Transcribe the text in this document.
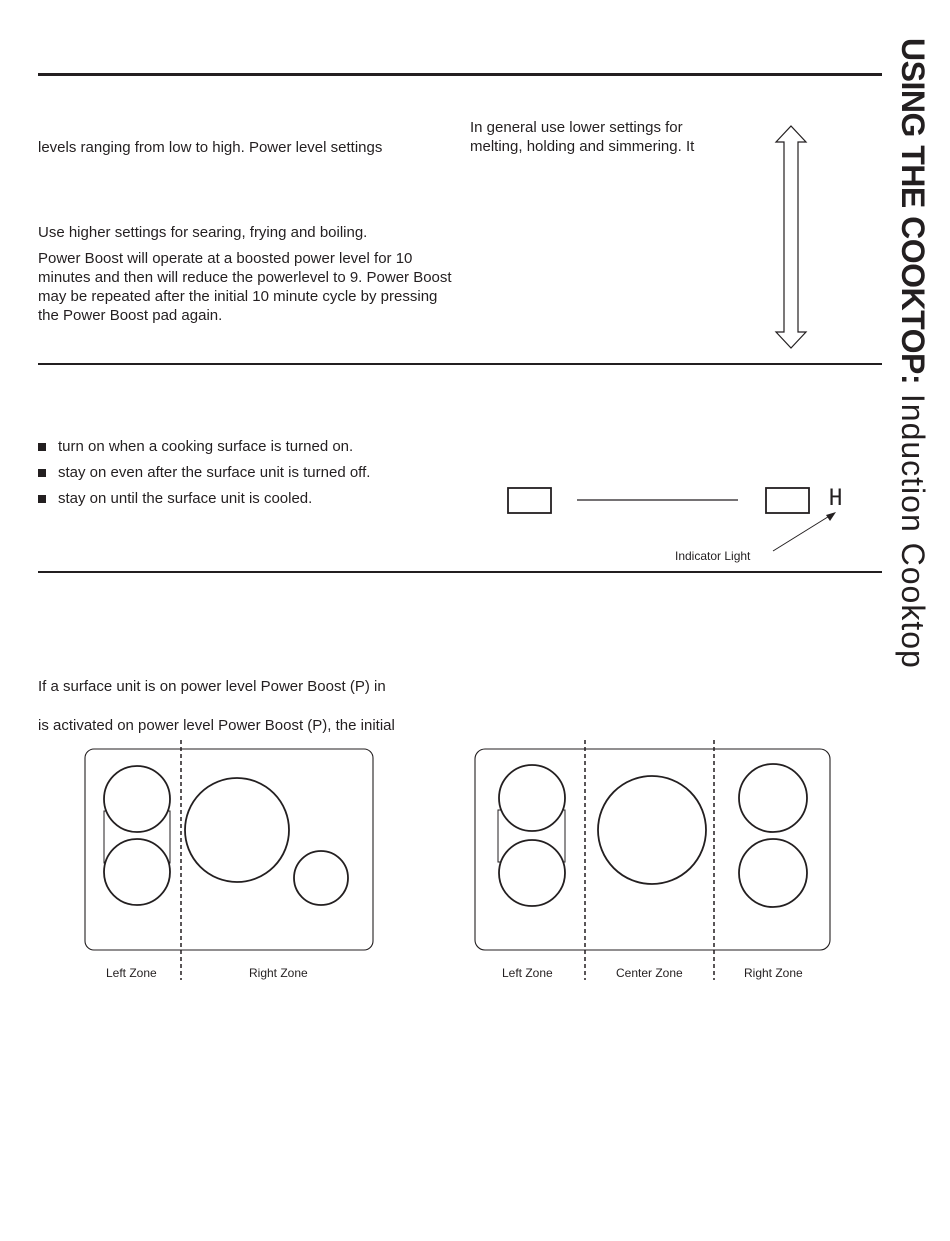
USING THE COOKTOP: Induction Cooktop

levels ranging from low to high. Power level settings

In general use lower settings for melting, holding and simmering. It

Use higher settings for searing, frying and boiling.

Power Boost will operate at a boosted power level for 10 minutes and then will reduce the powerlevel to 9. Power Boost may be repeated after the initial 10 minute cycle by pressing the Power Boost pad again.

turn on when a cooking surface is turned on.
stay on even after the surface unit is turned off.
stay on until the surface unit is cooled.	H
Indicator Light

If a surface unit is on power level Power Boost (P) in

is activated on power level Power Boost (P), the initial

Left Zone	Right Zone	Left Zone	Center Zone	Right Zone
